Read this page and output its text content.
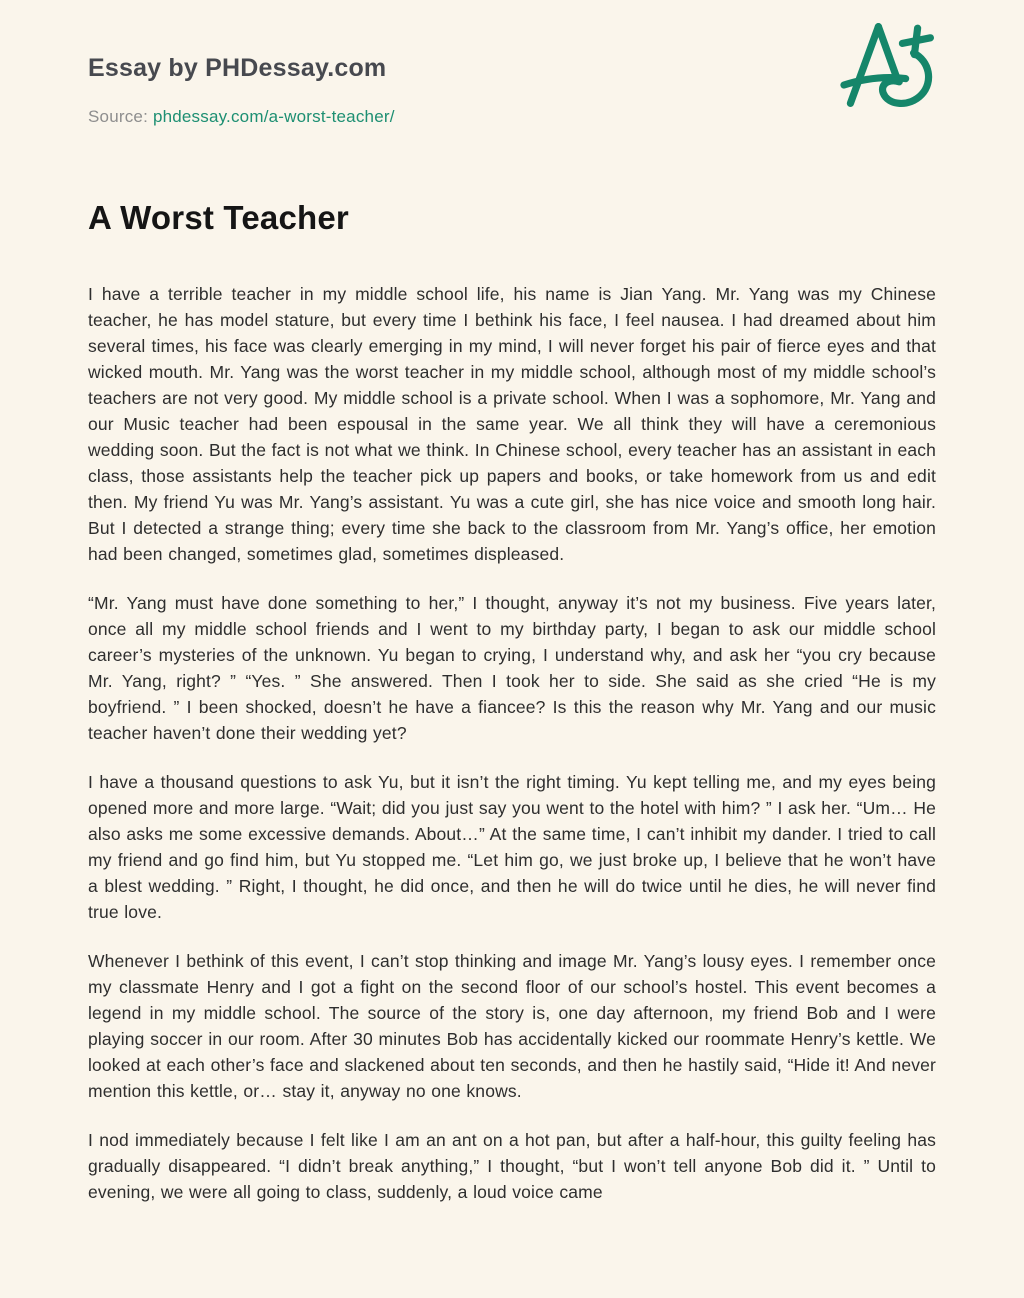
Essay by PHDessay.com
Source: phdessay.com/a-worst-teacher/
A Worst Teacher

I have a terrible teacher in my middle school life, his name is Jian Yang. Mr. Yang was my Chinese teacher, he has model stature, but every time I bethink his face, I feel nausea. I had dreamed about him several times, his face was clearly emerging in my mind, I will never forget his pair of fierce eyes and that wicked mouth. Mr. Yang was the worst teacher in my middle school, although most of my middle school’s teachers are not very good. My middle school is a private school. When I was a sophomore, Mr. Yang and our Music teacher had been espousal in the same year. We all think they will have a ceremonious wedding soon. But the fact is not what we think. In Chinese school, every teacher has an assistant in each class, those assistants help the teacher pick up papers and books, or take homework from us and edit then. My friend Yu was Mr. Yang’s assistant. Yu was a cute girl, she has nice voice and smooth long hair. But I detected a strange thing; every time she back to the classroom from Mr. Yang’s office, her emotion had been changed, sometimes glad, sometimes displeased.

“Mr. Yang must have done something to her,” I thought, anyway it’s not my business. Five years later, once all my middle school friends and I went to my birthday party, I began to ask our middle school career’s mysteries of the unknown. Yu began to crying, I understand why, and ask her “you cry because Mr. Yang, right? ” “Yes. ” She answered. Then I took her to side. She said as she cried “He is my boyfriend. ” I been shocked, doesn’t he have a fiancee? Is this the reason why Mr. Yang and our music teacher haven’t done their wedding yet?

I have a thousand questions to ask Yu, but it isn’t the right timing. Yu kept telling me, and my eyes being opened more and more large. “Wait; did you just say you went to the hotel with him? ” I ask her. “Um… He also asks me some excessive demands. About…” At the same time, I can’t inhibit my dander. I tried to call my friend and go find him, but Yu stopped me. “Let him go, we just broke up, I believe that he won’t have a blest wedding. ” Right, I thought, he did once, and then he will do twice until he dies, he will never find true love.

Whenever I bethink of this event, I can’t stop thinking and image Mr. Yang’s lousy eyes. I remember once my classmate Henry and I got a fight on the second floor of our school’s hostel. This event becomes a legend in my middle school. The source of the story is, one day afternoon, my friend Bob and I were playing soccer in our room. After 30 minutes Bob has accidentally kicked our roommate Henry’s kettle. We looked at each other’s face and slackened about ten seconds, and then he hastily said, “Hide it! And never mention this kettle, or… stay it, anyway no one knows.

I nod immediately because I felt like I am an ant on a hot pan, but after a half-hour, this guilty feeling has gradually disappeared. “I didn’t break anything,” I thought, “but I won’t tell anyone Bob did it. ” Until to evening, we were all going to class, suddenly, a loud voice came
